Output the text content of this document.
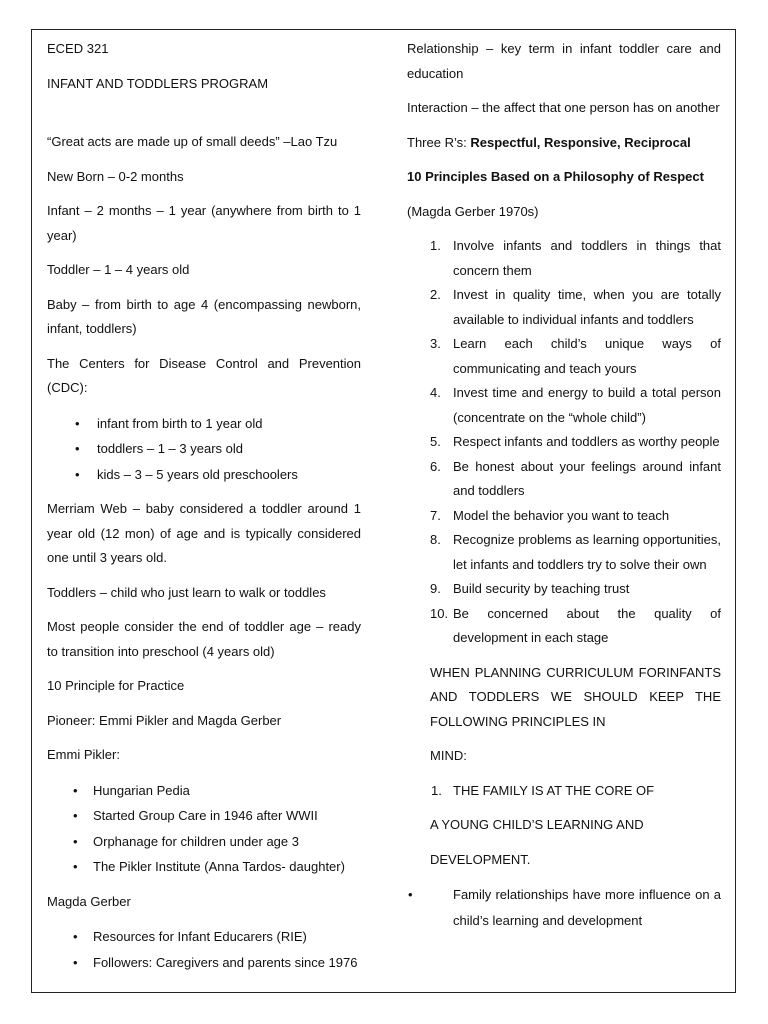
ECED 321

INFANT AND TODDLERS PROGRAM

“Great acts are made up of small deeds” –Lao Tzu

New Born – 0-2 months

Infant – 2 months – 1 year (anywhere from birth to 1 year)

Toddler – 1 – 4 years old

Baby – from birth to age 4 (encompassing newborn, infant, toddlers)

The Centers for Disease Control and Prevention (CDC):

• infant from birth to 1 year old
• toddlers – 1 – 3 years old
• kids – 3 – 5 years old preschoolers

Merriam Web – baby considered a toddler around 1 year old (12 mon) of age and is typically considered one until 3 years old.

Toddlers – child who just learn to walk or toddles

Most people consider the end of toddler age – ready to transition into preschool (4 years old)

10 Principle for Practice

Pioneer: Emmi Pikler and Magda Gerber

Emmi Pikler:

• Hungarian Pedia
• Started Group Care in 1946 after WWII
• Orphanage for children under age 3
• The Pikler Institute (Anna Tardos- daughter)

Magda Gerber

• Resources for Infant Educarers (RIE)
• Followers: Caregivers and parents since 1976

Relationship – key term in infant toddler care and education

Interaction – the affect that one person has on another

Three R’s: Respectful, Responsive, Reciprocal

10 Principles Based on a Philosophy of Respect

(Magda Gerber 1970s)

1. Involve infants and toddlers in things that concern them
2. Invest in quality time, when you are totally available to individual infants and toddlers
3. Learn each child’s unique ways of communicating and teach yours
4. Invest time and energy to build a total person (concentrate on the “whole child”)
5. Respect infants and toddlers as worthy people
6. Be honest about your feelings around infant and toddlers
7. Model the behavior you want to teach
8. Recognize problems as learning opportunities, let infants and toddlers try to solve their own
9. Build security by teaching trust
10. Be concerned about the quality of development in each stage

WHEN PLANNING CURRICULUM FORINFANTS AND TODDLERS WE SHOULD KEEP THE FOLLOWING PRINCIPLES IN

MIND:

1. THE FAMILY IS AT THE CORE OF

A YOUNG CHILD’S LEARNING AND

DEVELOPMENT.

• Family relationships have more influence on a child’s learning and development
